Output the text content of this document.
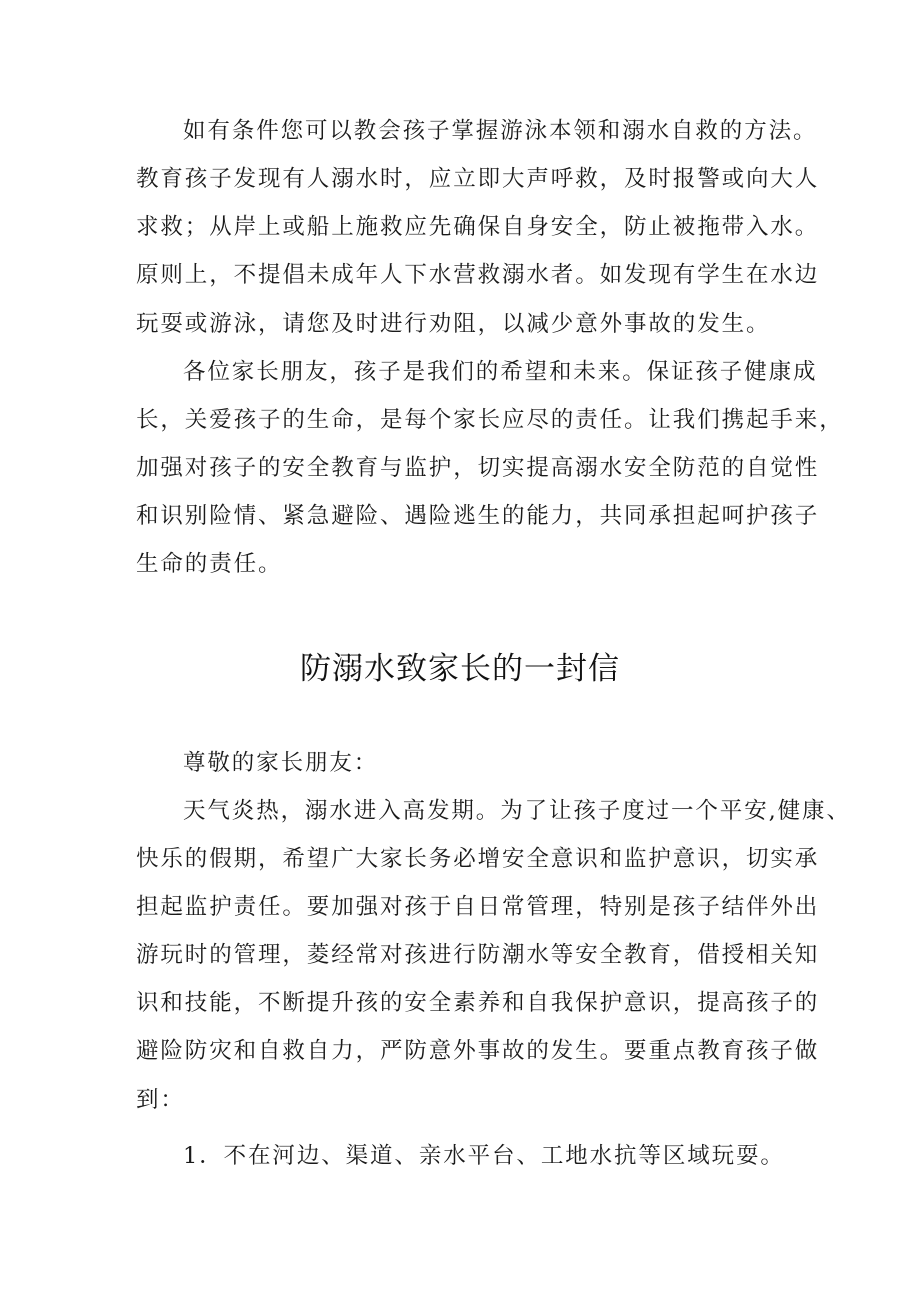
如有条件您可以教会孩子掌握游泳本领和溺水自救的方法。
教育孩子发现有人溺水时，应立即大声呼救，及时报警或向大人
求救；从岸上或船上施救应先确保自身安全，防止被拖带入水。
原则上，不提倡未成年人下水营救溺水者。如发现有学生在水边
玩耍或游泳，请您及时进行劝阻，以减少意外事故的发生。
各位家长朋友，孩子是我们的希望和未来。保证孩子健康成
长，关爱孩子的生命，是每个家长应尽的责任。让我们携起手来，
加强对孩子的安全教育与监护，切实提高溺水安全防范的自觉性
和识别险情、紧急避险、遇险逃生的能力，共同承担起呵护孩子
生命的责任。
防溺水致家长的一封信
尊敬的家长朋友：
天气炎热，溺水进入高发期。为了让孩子度过一个平安,健康、
快乐的假期，希望广大家长务必增安全意识和监护意识，切实承
担起监护责任。要加强对孩于自日常管理，特别是孩子结伴外出
游玩时的管理，菱经常对孩进行防潮水等安全教育，借授相关知
识和技能，不断提升孩的安全素养和自我保护意识，提高孩子的
避险防灾和自救自力，严防意外事故的发生。要重点教育孩子做
到：
1．不在河边、渠道、亲水平台、工地水抗等区域玩耍。
